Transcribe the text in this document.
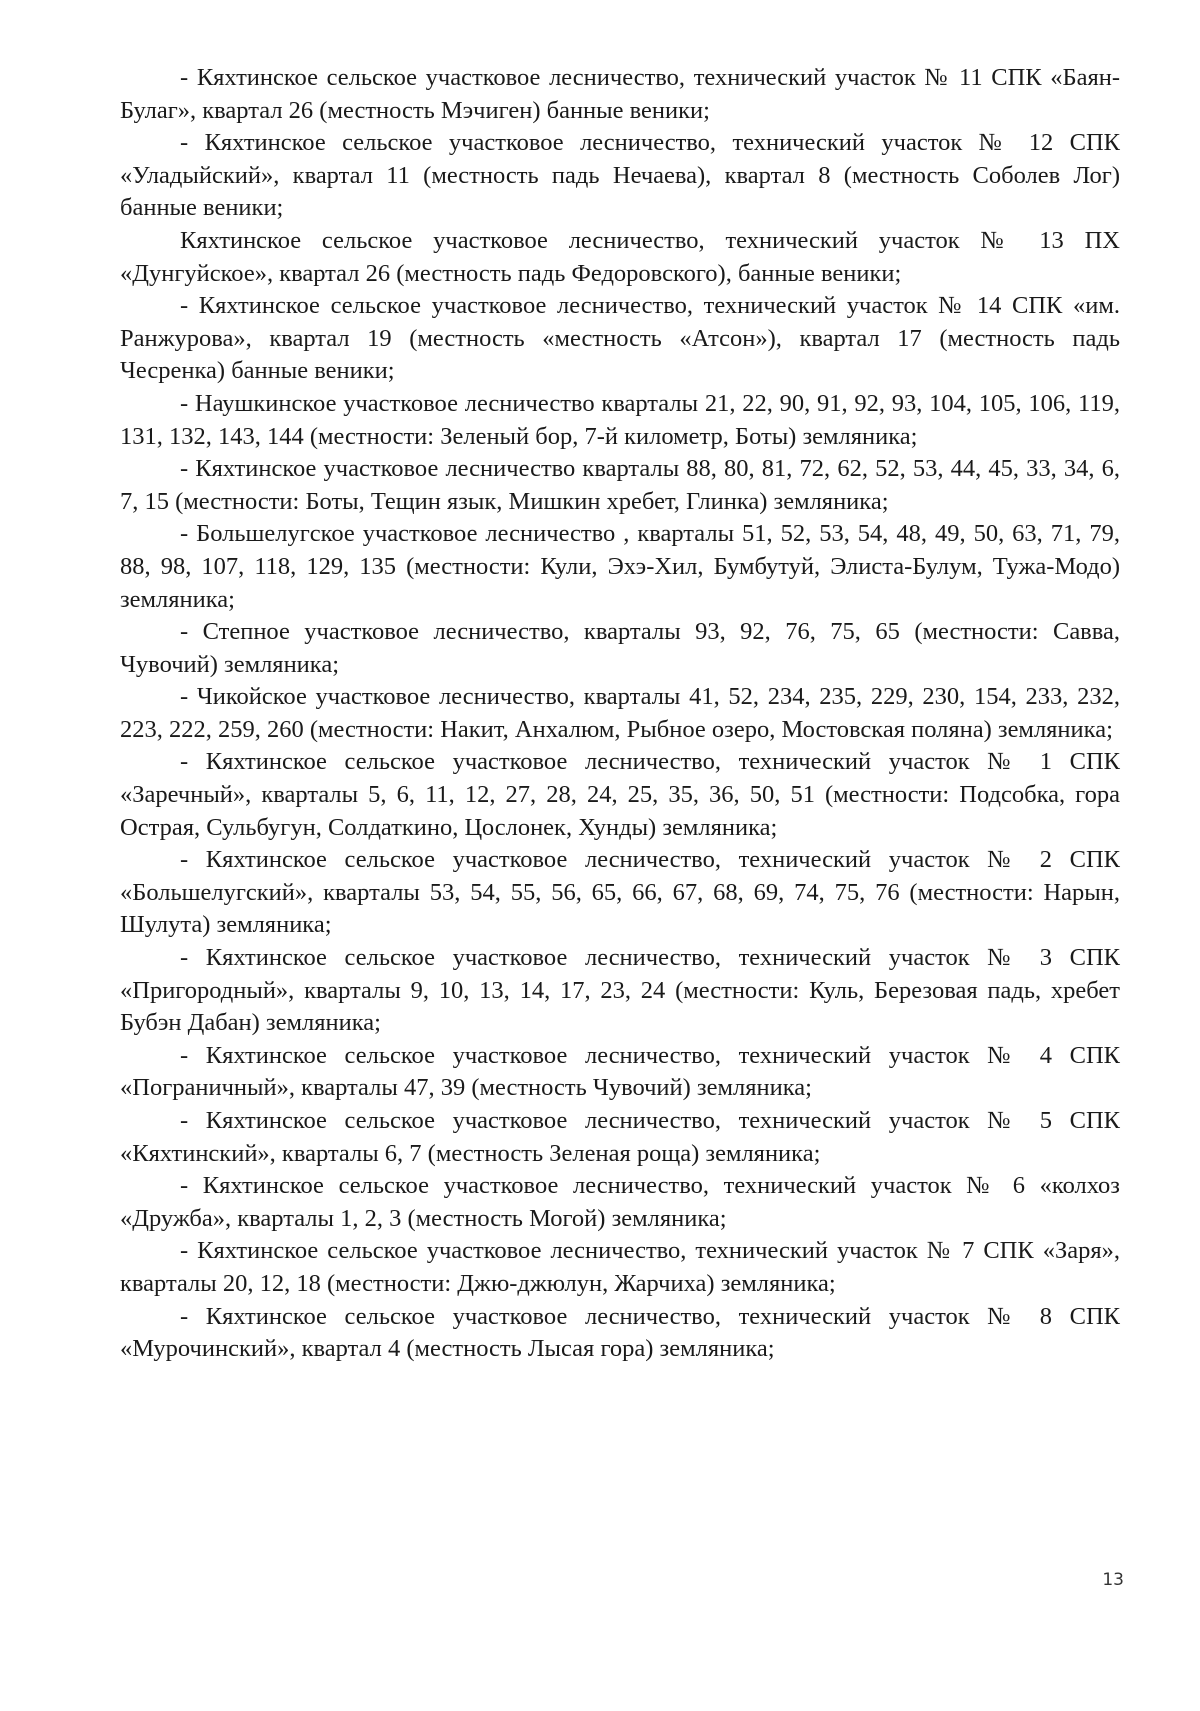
- Кяхтинское сельское участковое лесничество, технический участок № 11 СПК «Баян-Булаг», квартал 26 (местность Мэчиген) банные веники;

- Кяхтинское сельское участковое лесничество, технический участок № 12 СПК «Уладыйский», квартал 11 (местность падь Нечаева), квартал 8 (местность Соболев Лог) банные веники;

Кяхтинское сельское участковое лесничество, технический участок № 13 ПХ «Дунгуйское», квартал 26 (местность падь Федоровского), банные веники;

- Кяхтинское сельское участковое лесничество, технический участок № 14 СПК «им. Ранжурова», квартал 19 (местность «местность «Атсон»), квартал 17 (местность падь Чесренка) банные веники;

- Наушкинское участковое лесничество кварталы 21, 22, 90, 91, 92, 93, 104, 105, 106, 119, 131, 132, 143, 144 (местности: Зеленый бор, 7-й километр, Боты) земляника;

- Кяхтинское участковое лесничество кварталы 88, 80, 81, 72, 62, 52, 53, 44, 45, 33, 34, 6, 7, 15 (местности: Боты, Тещин язык, Мишкин хребет, Глинка) земляника;

- Большелугское участковое лесничество , кварталы 51, 52, 53, 54, 48, 49, 50, 63, 71, 79, 88, 98, 107, 118, 129, 135 (местности: Кули, Эхэ-Хил, Бумбутуй, Элиста-Булум, Тужа-Модо) земляника;

- Степное участковое лесничество, кварталы 93, 92, 76, 75, 65 (местности: Савва, Чувочий) земляника;

- Чикойское участковое лесничество, кварталы 41, 52, 234, 235, 229, 230, 154, 233, 232, 223, 222, 259, 260 (местности: Накит, Анхалюм, Рыбное озеро, Мостовская поляна) земляника;

- Кяхтинское сельское участковое лесничество, технический участок № 1 СПК «Заречный», кварталы 5, 6, 11, 12, 27, 28, 24, 25, 35, 36, 50, 51 (местности: Подсобка, гора Острая, Сульбугун, Солдаткино, Цослонек, Хунды) земляника;

- Кяхтинское сельское участковое лесничество, технический участок № 2 СПК «Большелугский», кварталы 53, 54, 55, 56, 65, 66, 67, 68, 69, 74, 75, 76 (местности: Нарын, Шулута) земляника;

- Кяхтинское сельское участковое лесничество, технический участок № 3 СПК «Пригородный», кварталы 9, 10, 13, 14, 17, 23, 24 (местности: Куль, Березовая падь, хребет Бубэн Дабан) земляника;

- Кяхтинское сельское участковое лесничество, технический участок № 4 СПК «Пограничный», кварталы 47, 39 (местность Чувочий) земляника;

- Кяхтинское сельское участковое лесничество, технический участок № 5 СПК «Кяхтинский», кварталы 6, 7 (местность Зеленая роща) земляника;

- Кяхтинское сельское участковое лесничество, технический участок № 6 «колхоз «Дружба», кварталы 1, 2, 3 (местность Могой) земляника;

- Кяхтинское сельское участковое лесничество, технический участок № 7 СПК «Заря», кварталы 20, 12, 18 (местности: Джю-джюлун, Жарчиха) земляника;

- Кяхтинское сельское участковое лесничество, технический участок № 8 СПК «Мурочинский», квартал 4 (местность Лысая гора) земляника;

13
